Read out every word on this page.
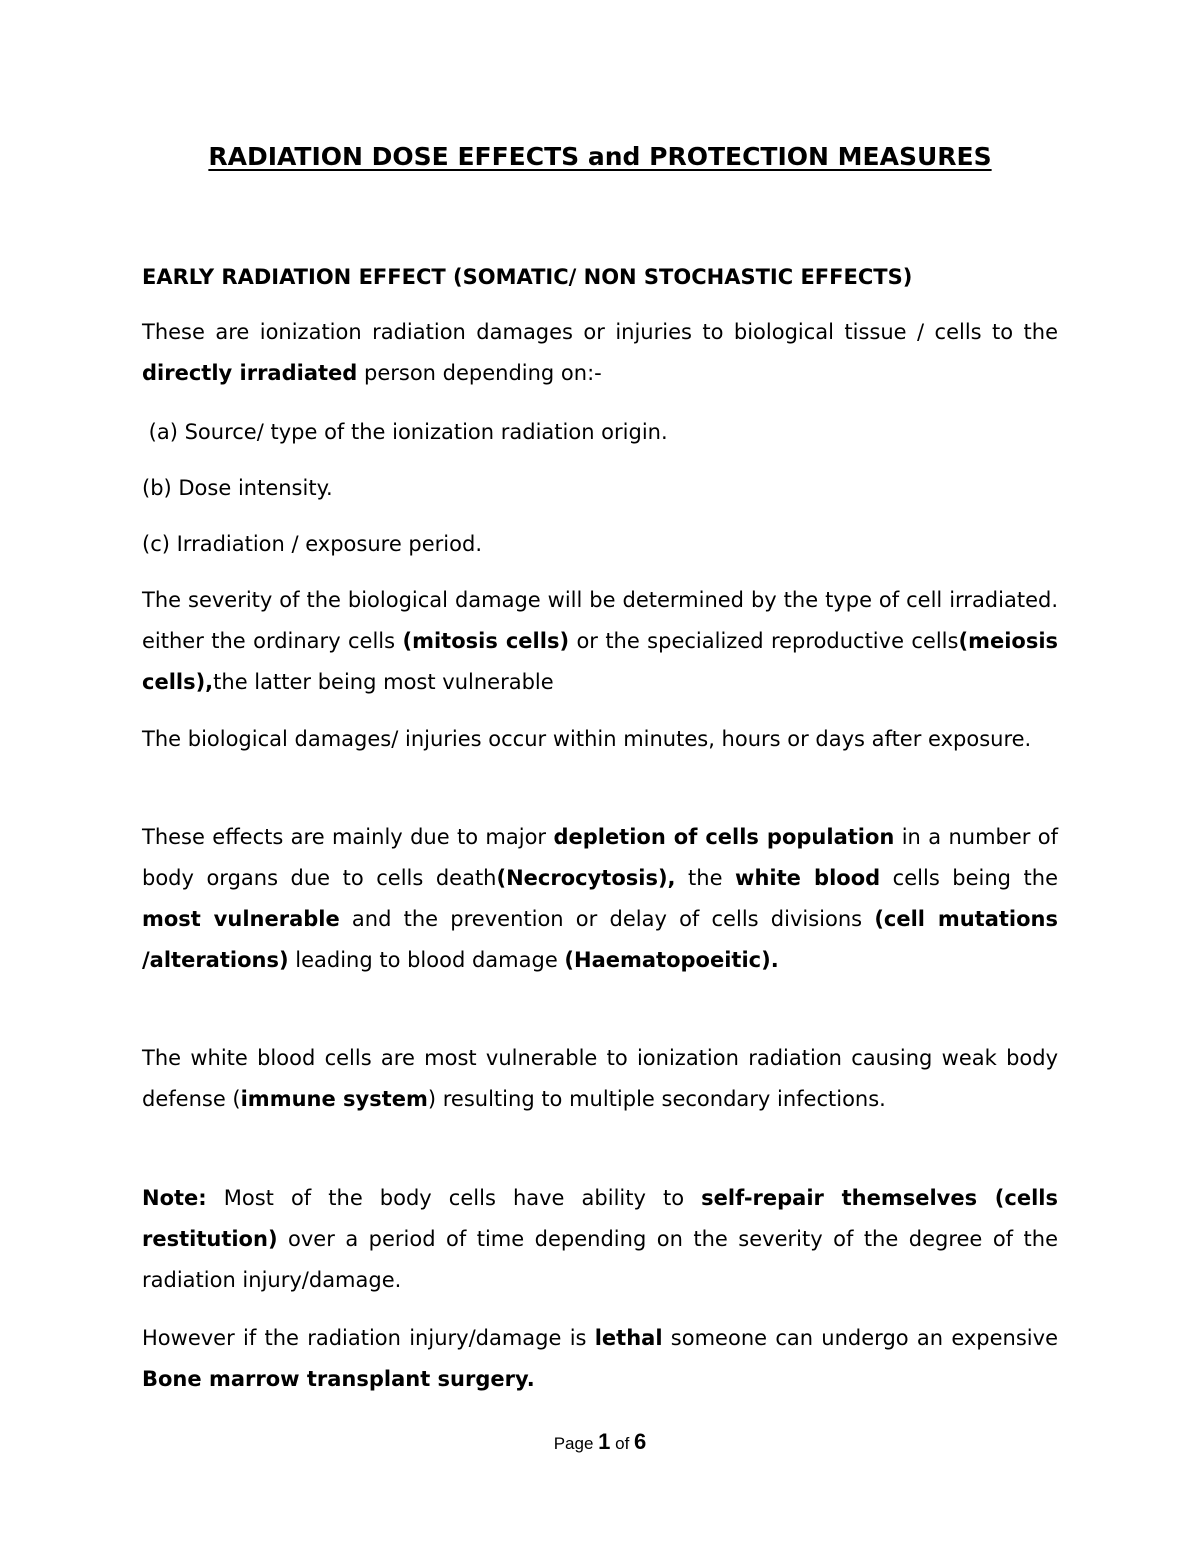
RADIATION DOSE EFFECTS and PROTECTION MEASURES
EARLY RADIATION EFFECT (SOMATIC/ NON STOCHASTIC EFFECTS)

These are ionization radiation damages or injuries to biological tissue / cells to the directly irradiated person depending on:-

(a) Source/ type of the ionization radiation origin.

(b) Dose intensity.

(c) Irradiation / exposure period.

The severity of the biological damage will be determined by the type of cell irradiated. either the ordinary cells (mitosis cells) or the specialized reproductive cells(meiosis cells),the latter being most vulnerable

The biological damages/ injuries occur within minutes, hours or days after exposure.

These effects are mainly due to major depletion of cells population in a number of body organs due to cells death(Necrocytosis), the white blood cells being the most vulnerable and the prevention or delay of cells divisions (cell mutations /alterations) leading to blood damage (Haematopoeitic).

The white blood cells are most vulnerable to ionization radiation causing weak body defense (immune system) resulting to multiple secondary infections.

Note: Most of the body cells have ability to self-repair themselves (cells restitution) over a period of time depending on the severity of the degree of the radiation injury/damage.

However if the radiation injury/damage is lethal someone can undergo an expensive Bone marrow transplant surgery.

Page 1 of 6
